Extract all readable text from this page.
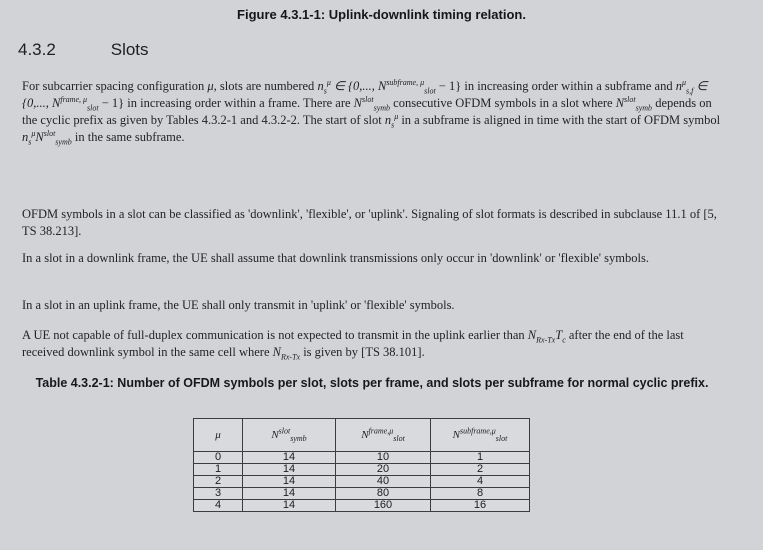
Figure 4.3.1-1: Uplink-downlink timing relation.
4.3.2	Slots
For subcarrier spacing configuration μ, slots are numbered $n_s^\mu$ ∈ {0,..., $N^{subframe, \mu}_{slot} - 1$} in increasing order within a subframe and $n^\mu_{s,f}$ ∈ {0,..., $N^{frame, \mu}_{slot} - 1$} in increasing order within a frame. There are $N^{slot}_{symb}$ consecutive OFDM symbols in a slot where $N^{slot}_{symb}$ depends on the cyclic prefix as given by Tables 4.3.2-1 and 4.3.2-2. The start of slot $n_s^\mu$ in a subframe is aligned in time with the start of OFDM symbol $n_s^\mu N^{slot}_{symb}$ in the same subframe.
OFDM symbols in a slot can be classified as 'downlink', 'flexible', or 'uplink'. Signaling of slot formats is described in subclause 11.1 of [5, TS 38.213].
In a slot in a downlink frame, the UE shall assume that downlink transmissions only occur in 'downlink' or 'flexible' symbols.
In a slot in an uplink frame, the UE shall only transmit in 'uplink' or 'flexible' symbols.
A UE not capable of full-duplex communication is not expected to transmit in the uplink earlier than $N_{Rx-Tx}T_c$ after the end of the last received downlink symbol in the same cell where $N_{Rx-Tx}$ is given by [TS 38.101].
Table 4.3.2-1: Number of OFDM symbols per slot, slots per frame, and slots per subframe for normal cyclic prefix.
μ	$N^{slot}_{symb}$	$N^{frame,\mu}_{slot}$	$N^{subframe,\mu}_{slot}$
0	14	10	1
1	14	20	2
2	14	40	4
3	14	80	8
4	14	160	16
